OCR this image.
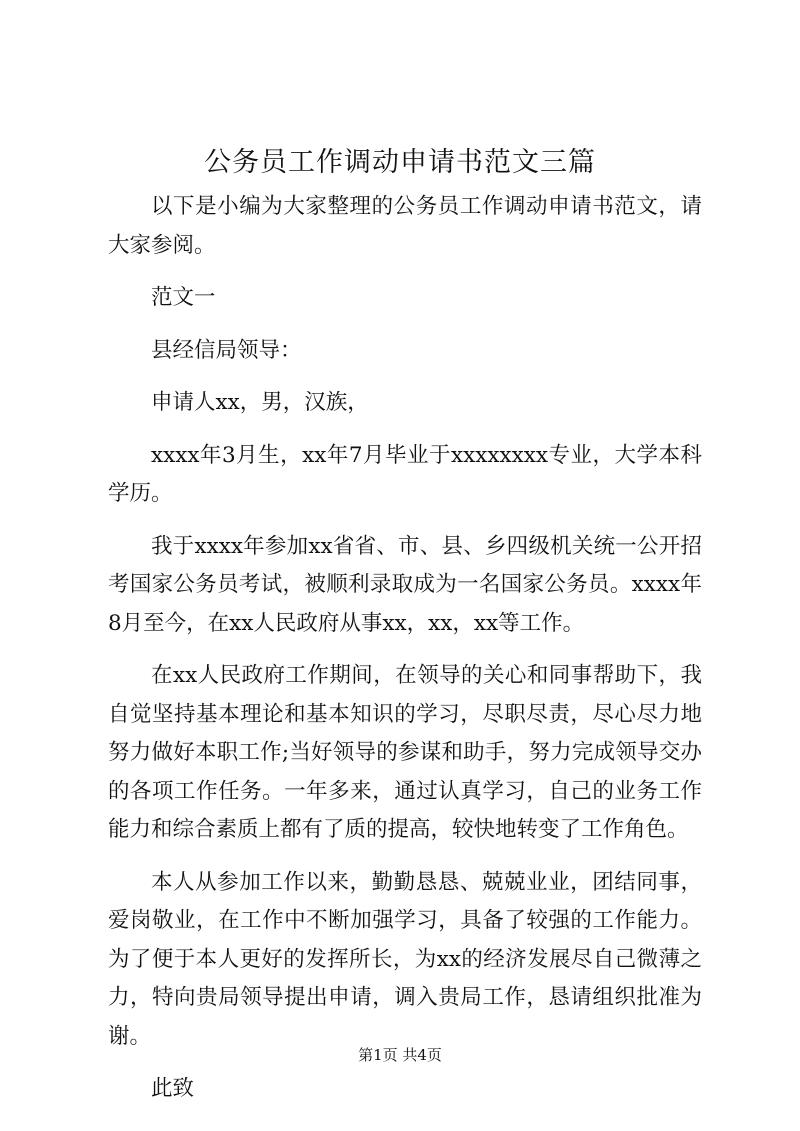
公务员工作调动申请书范文三篇

以下是小编为大家整理的公务员工作调动申请书范文，请大家参阅。

范文一

县经信局领导：

申请人xx，男，汉族，

xxxx年3月生，xx年7月毕业于xxxxxxxx专业，大学本科学历。

我于xxxx年参加xx省省、市、县、乡四级机关统一公开招考国家公务员考试，被顺利录取成为一名国家公务员。xxxx年8月至今，在xx人民政府从事xx，xx，xx等工作。

在xx人民政府工作期间，在领导的关心和同事帮助下，我自觉坚持基本理论和基本知识的学习，尽职尽责，尽心尽力地努力做好本职工作;当好领导的参谋和助手，努力完成领导交办的各项工作任务。一年多来，通过认真学习，自己的业务工作能力和综合素质上都有了质的提高，较快地转变了工作角色。

本人从参加工作以来，勤勤恳恳、兢兢业业，团结同事，爱岗敬业，在工作中不断加强学习，具备了较强的工作能力。为了便于本人更好的发挥所长，为xx的经济发展尽自己微薄之力，特向贵局领导提出申请，调入贵局工作，恳请组织批准为谢。

此致

第1页 共4页
